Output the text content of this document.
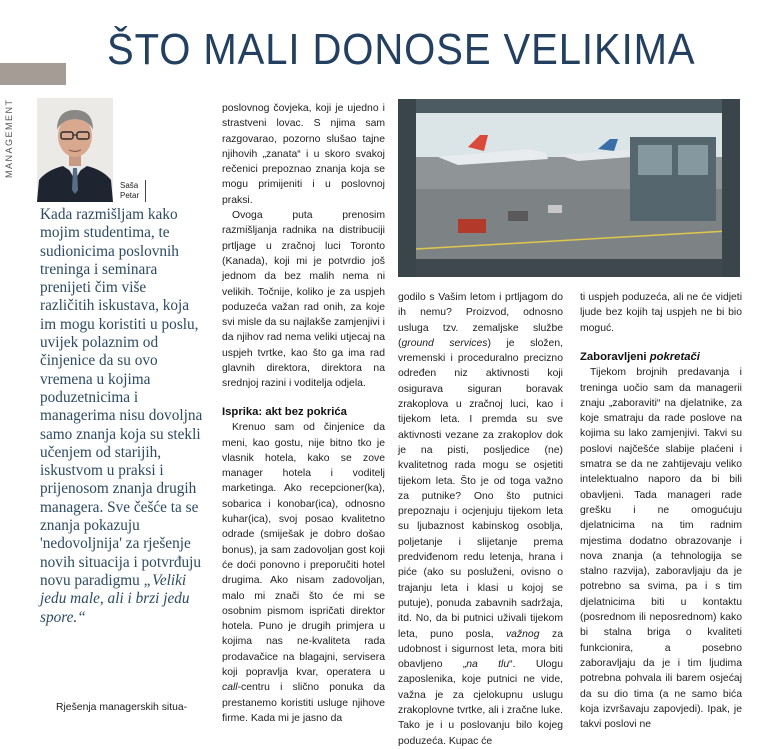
ŠTO MALI DONOSE VELIKIMA
MANAGEMENT
Saša
Petar

Kada razmišljam kako mojim studentima, te sudionicima poslovnih treninga i seminara prenijeti čim više različitih iskustava, koja im mogu koristiti u poslu, uvijek polaznim od činjenice da su ovo vremena u kojima poduzetnicima i managerima nisu dovoljna samo znanja koja su stekli učenjem od starijih, iskustvom u praksi i prijenosom znanja drugih managera. Sve češće ta se znanja pokazuju 'nedovoljnija' za rješenje novih situacija i potvrđuju novu paradigmu „Veliki jedu male, ali i brzi jedu spore.“

Rješenja managerskih situa-

poslovnog čovjeka, koji je ujedno i strastveni lovac. S njima sam razgovarao, pozorno slušao tajne njihovih „zanata“ i u skoro svakoj rečenici prepoznao znanja koja se mogu primijeniti i u poslovnoj praksi.

Ovoga puta prenosim razmišljanja radnika na distribuciji prtljage u zračnoj luci Toronto (Kanada), koji mi je potvrdio još jednom da bez malih nema ni velikih. Točnije, koliko je za uspjeh poduzeća važan rad onih, za koje svi misle da su najlakše zamjenjivi i da njihov rad nema veliki utjecaj na uspjeh tvrtke, kao što ga ima rad glavnih direktora, direktora na srednjoj razini i voditelja odjela.

Isprika: akt bez pokrića

Krenuo sam od činjenice da meni, kao gostu, nije bitno tko je vlasnik hotela, kako se zove manager hotela i voditelj marketinga. Ako recepcioner(ka), sobarica i konobar(ica), odnosno kuhar(ica), svoj posao kvalitetno odrade (smiješak je dobro došao bonus), ja sam zadovoljan gost koji će doći ponovno i preporučiti hotel drugima. Ako nisam zadovoljan, malo mi znači što će mi se osobnim pismom ispričati direktor hotela. Puno je drugih primjera u kojima nas ne-kvaliteta rada prodavačice na blagajni, servisera koji popravlja kvar, operatera u call-centru i slično ponuka da prestanemo koristiti usluge njihove firme. Kada mi je jasno da

godilo s Vašim letom i prtljagom do ih nemu? Proizvod, odnosno usluga tzv. zemaljske službe (ground services) je složen, vremenski i proceduralno precizno određen niz aktivnosti koji osigurava siguran boravak zrakoplova u zračnoj luci, kao i tijekom leta. I premda su sve aktivnosti vezane za zrakoplov dok je na pisti, posljedice (ne) kvalitetnog rada mogu se osjetiti tijekom leta. Što je od toga važno za putnike? Ono što putnici prepoznaju i ocjenjuju tijekom leta su ljubaznost kabinskog osoblja, poljetanje i slijetanje prema predviđenom redu letenja, hrana i piće (ako su posluženi, ovisno o trajanju leta i klasi u kojoj se putuje), ponuda zabavnih sadržaja, itd. No, da bi putnici uživali tijekom leta, puno posla, važnog za udobnost i sigurnost leta, mora biti obavljeno „na tlu“. Ulogu zaposlenika, koje putnici ne vide, važna je za cjelokupnu uslugu zrakoplovne tvrtke, ali i zračne luke. Tako je i u poslovanju bilo kojeg poduzeća. Kupac će

ti uspjeh poduzeća, ali ne će vidjeti ljude bez kojih taj uspjeh ne bi bio moguć.

Zaboravljeni pokretači

Tijekom brojnih predavanja i treninga uočio sam da managerii znaju „zaboraviti“ na djelatnike, za koje smatraju da rade poslove na kojima su lako zamjenjivi. Takvi su poslovi najčešće slabije plaćeni i smatra se da ne zahtijevaju veliko intelektualno naporo da bi bili obavljeni. Tada manageri rade grešku i ne omogućuju djelatnicima na tim radnim mjestima dodatno obrazovanje i nova znanja (a tehnologija se stalno razvija), zaboravljaju da je potrebno sa svima, pa i s tim djelatnicima biti u kontaktu (posrednom ili neposrednom) kako bi stalna briga o kvaliteti funkcionira, a posebno zaboravljaju da je i tim ljudima potrebna pohvala ili barem osjećaj da su dio tima (a ne samo bića koja izvršavaju zapovjedi). Ipak, je takvi poslovi ne
